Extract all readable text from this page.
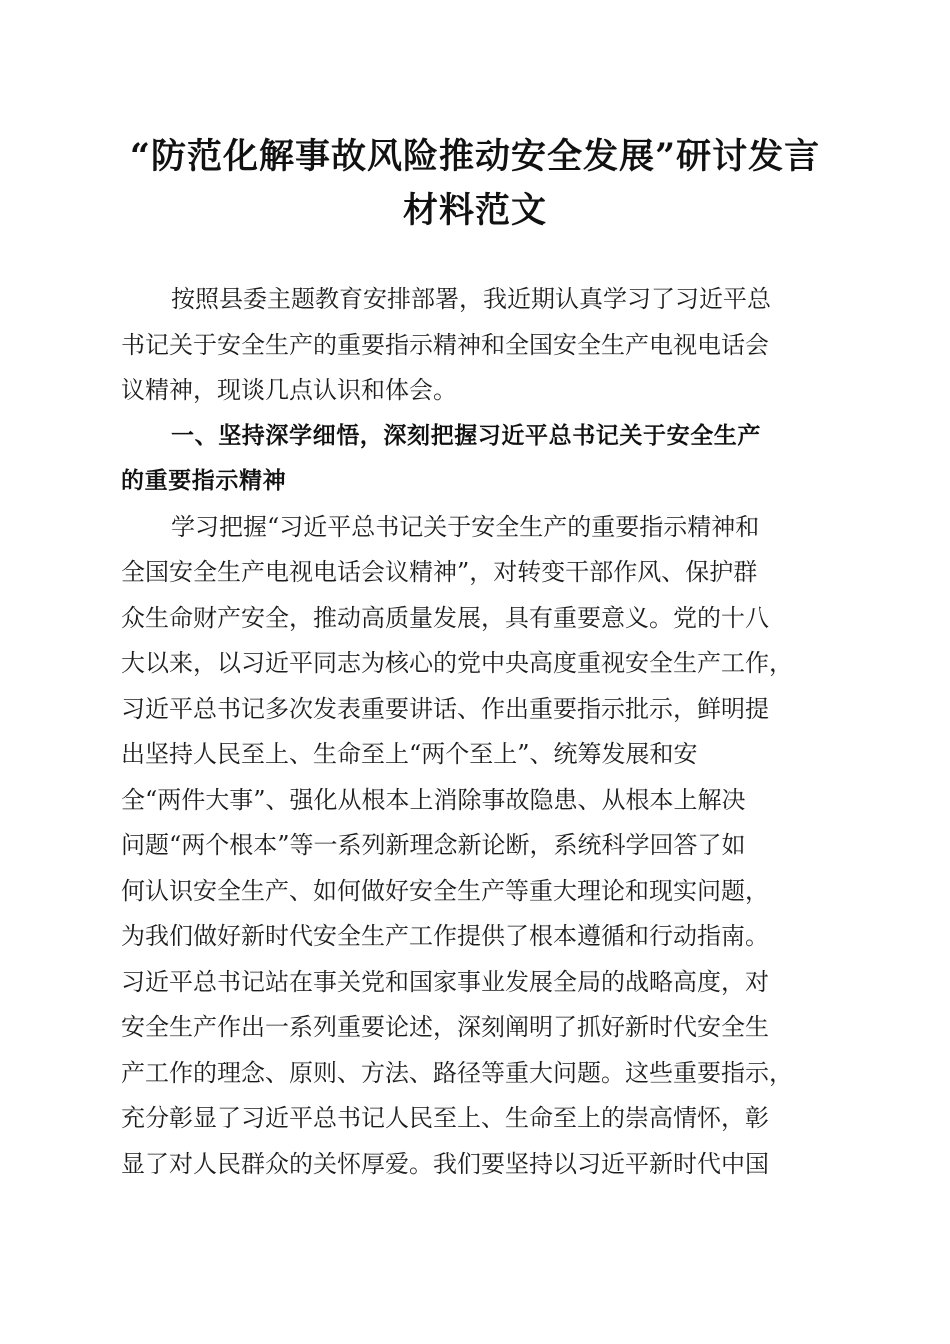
“防范化解事故风险推动安全发展”研讨发言
材料范文
按照县委主题教育安排部署，我近期认真学习了习近平总
书记关于安全生产的重要指示精神和全国安全生产电视电话会
议精神，现谈几点认识和体会。
一、坚持深学细悟，深刻把握习近平总书记关于安全生产
的重要指示精神
学习把握“习近平总书记关于安全生产的重要指示精神和
全国安全生产电视电话会议精神”，对转变干部作风、保护群
众生命财产安全，推动高质量发展，具有重要意义。党的十八
大以来，以习近平同志为核心的党中央高度重视安全生产工作，
习近平总书记多次发表重要讲话、作出重要指示批示，鲜明提
出坚持人民至上、生命至上“两个至上”、统筹发展和安
全“两件大事”、强化从根本上消除事故隐患、从根本上解决
问题“两个根本”等一系列新理念新论断，系统科学回答了如
何认识安全生产、如何做好安全生产等重大理论和现实问题，
为我们做好新时代安全生产工作提供了根本遵循和行动指南。
习近平总书记站在事关党和国家事业发展全局的战略高度，对
安全生产作出一系列重要论述，深刻阐明了抓好新时代安全生
产工作的理念、原则、方法、路径等重大问题。这些重要指示，
充分彰显了习近平总书记人民至上、生命至上的崇高情怀，彰
显了对人民群众的关怀厚爱。我们要坚持以习近平新时代中国
